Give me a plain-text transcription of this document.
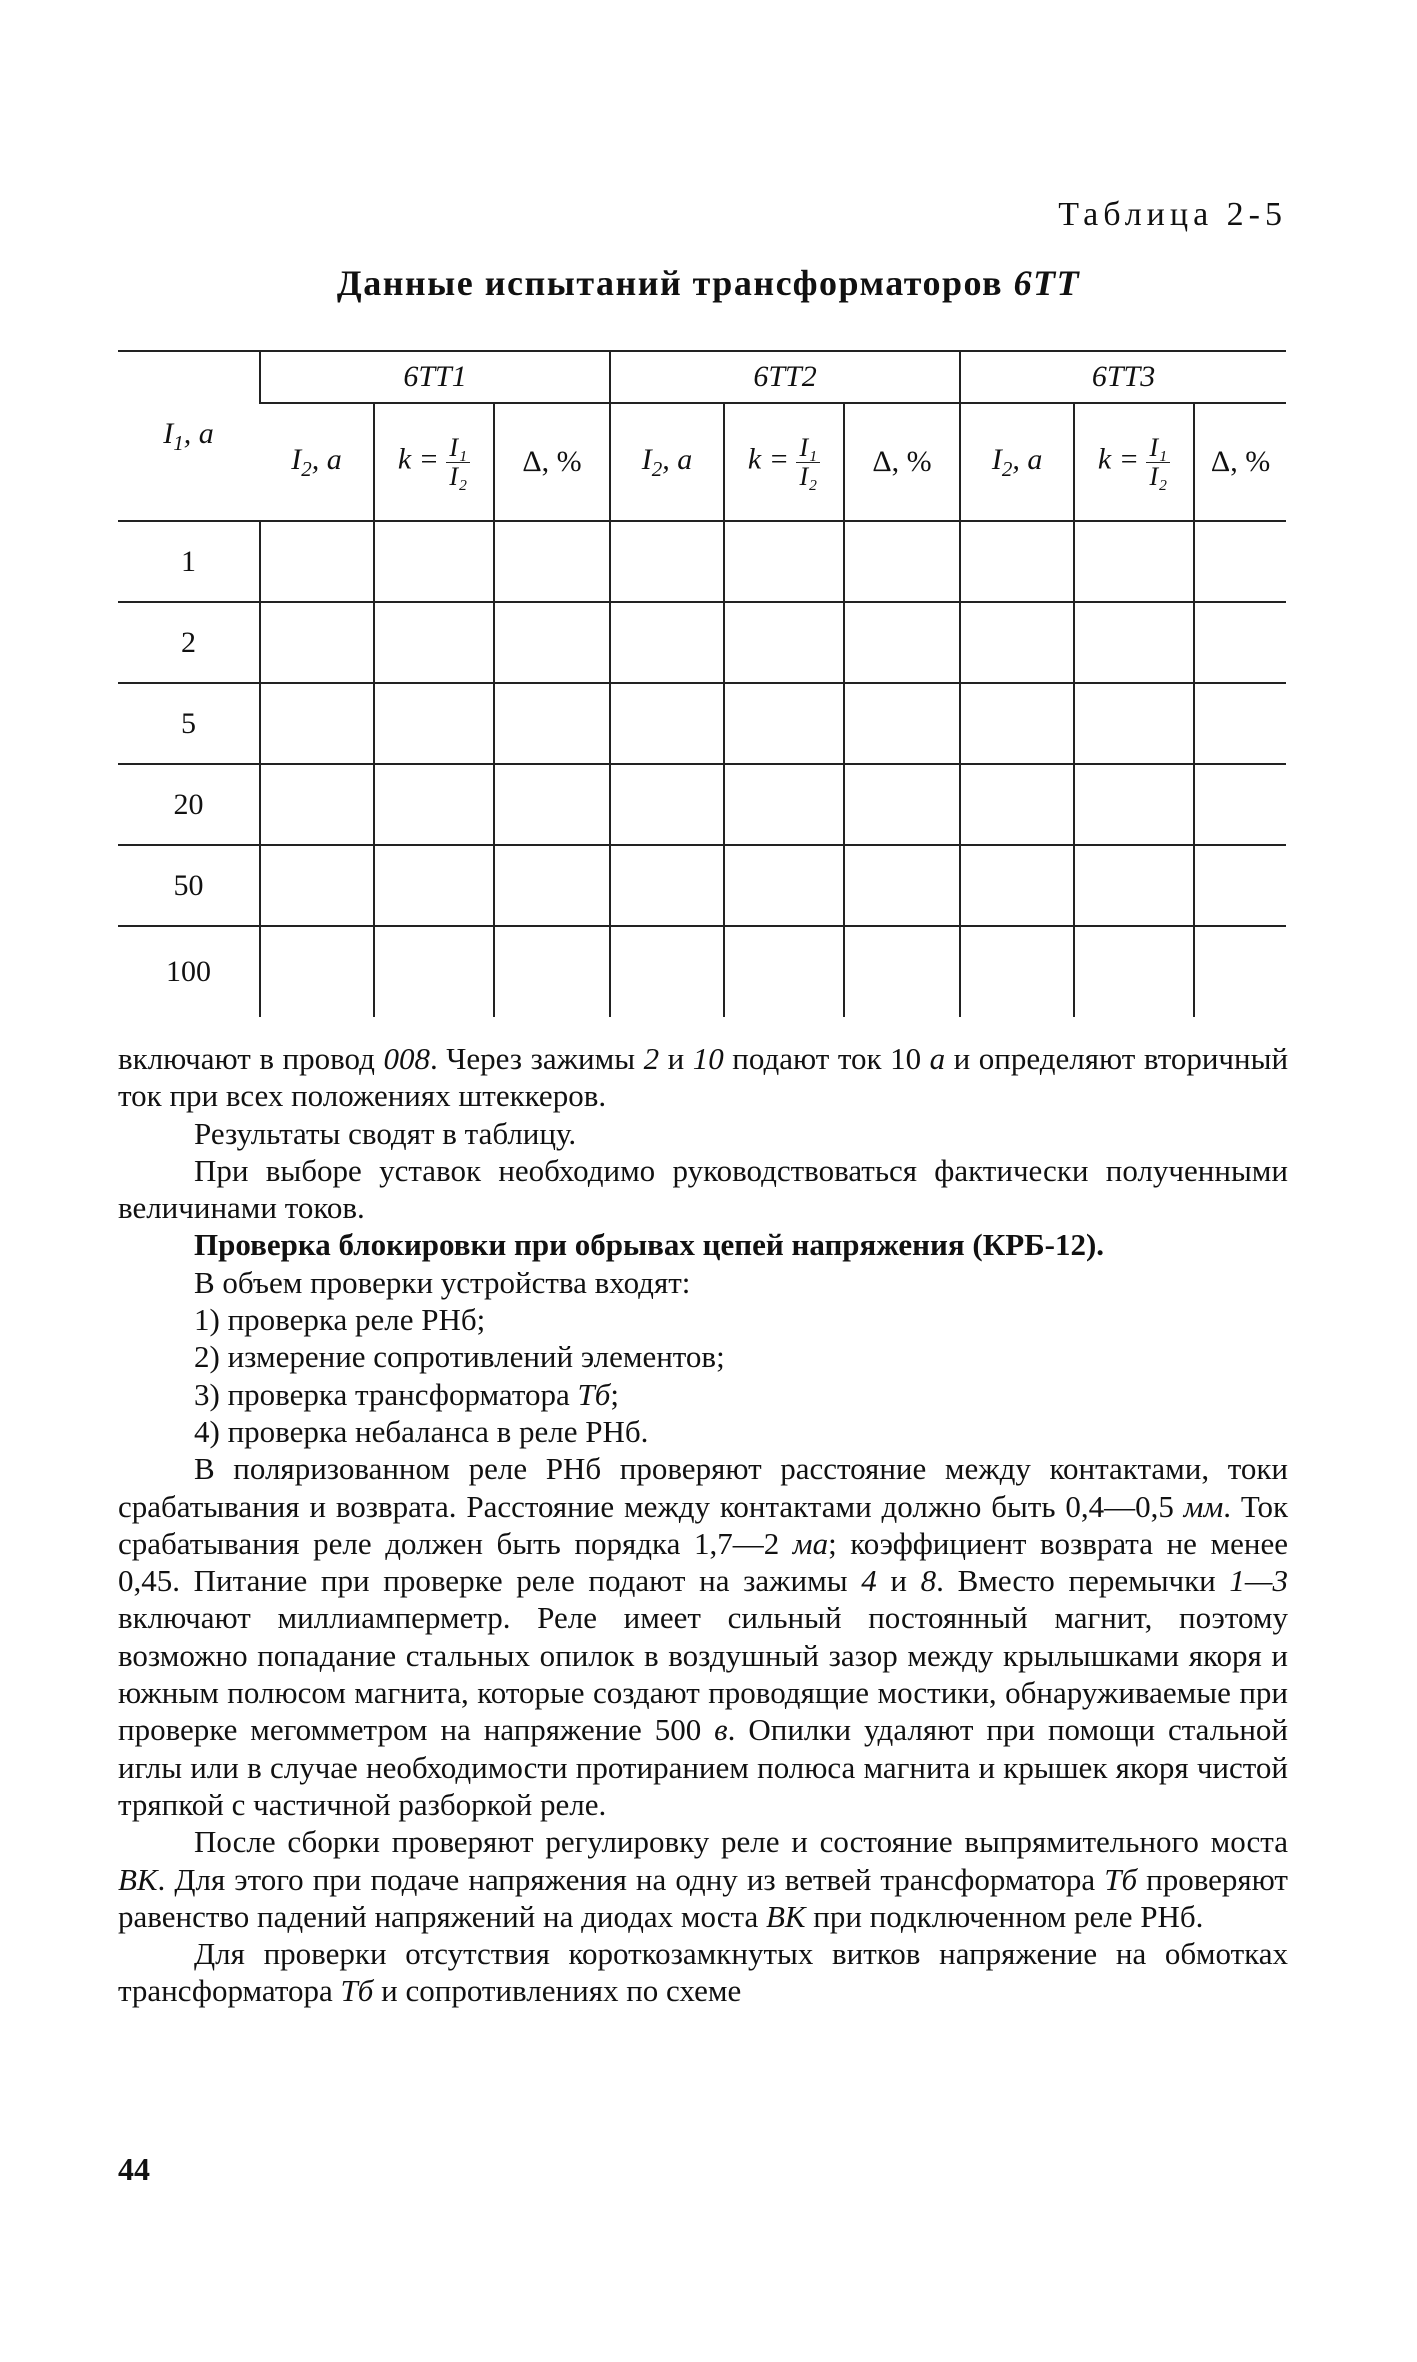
Таблица 2-5
Данные испытаний трансформаторов 6ТТ
$I_1$, а	6ТТ1			6ТТ2			6ТТ3		
	$I_2$, а	$k = \frac{\text{I₁}}{\text{I₂}}$	Δ, %	$I_2$, а	$k = \frac{\text{I₁}}{\text{I₂}}$	Δ, %	$I_2$, а	$k = \frac{\text{I₁}}{\text{I₂}}$	Δ, %
1									
2									
5									
20									
50									
100									

включают в провод 008. Через зажимы 2 и 10 подают ток 10 а и определяют вторичный ток при всех положениях штеккеров.

Результаты сводят в таблицу.

При выборе уставок необходимо руководствоваться фактически полученными величинами токов.

Проверка блокировки при обрывах цепей напряжения (КРБ-12).

В объем проверки устройства входят:

1) проверка реле РНб;

2) измерение сопротивлений элементов;

3) проверка трансформатора Тб;

4) проверка небаланса в реле РНб.

В поляризованном реле РНб проверяют расстояние между контактами, токи срабатывания и возврата. Расстояние между контактами должно быть 0,4—0,5 мм. Ток срабатывания реле должен быть порядка 1,7—2 ма; коэффициент возврата не менее 0,45. Питание при проверке реле подают на зажимы 4 и 8. Вместо перемычки 1—3 включают миллиамперметр. Реле имеет сильный постоянный магнит, поэтому возможно попадание стальных опилок в воздушный зазор между крылышками якоря и южным полюсом магнита, которые создают проводящие мостики, обнаруживаемые при проверке мегомметром на напряжение 500 в. Опилки удаляют при помощи стальной иглы или в случае необходимости протиранием полюса магнита и крышек якоря чистой тряпкой с частичной разборкой реле.

После сборки проверяют регулировку реле и состояние выпрямительного моста ВК. Для этого при подаче напряжения на одну из ветвей трансформатора Тб проверяют равенство падений напряжений на диодах моста ВК при подключенном реле РНб.

Для проверки отсутствия короткозамкнутых витков напряжение на обмотках трансформатора Тб и сопротивлениях по схеме

44
